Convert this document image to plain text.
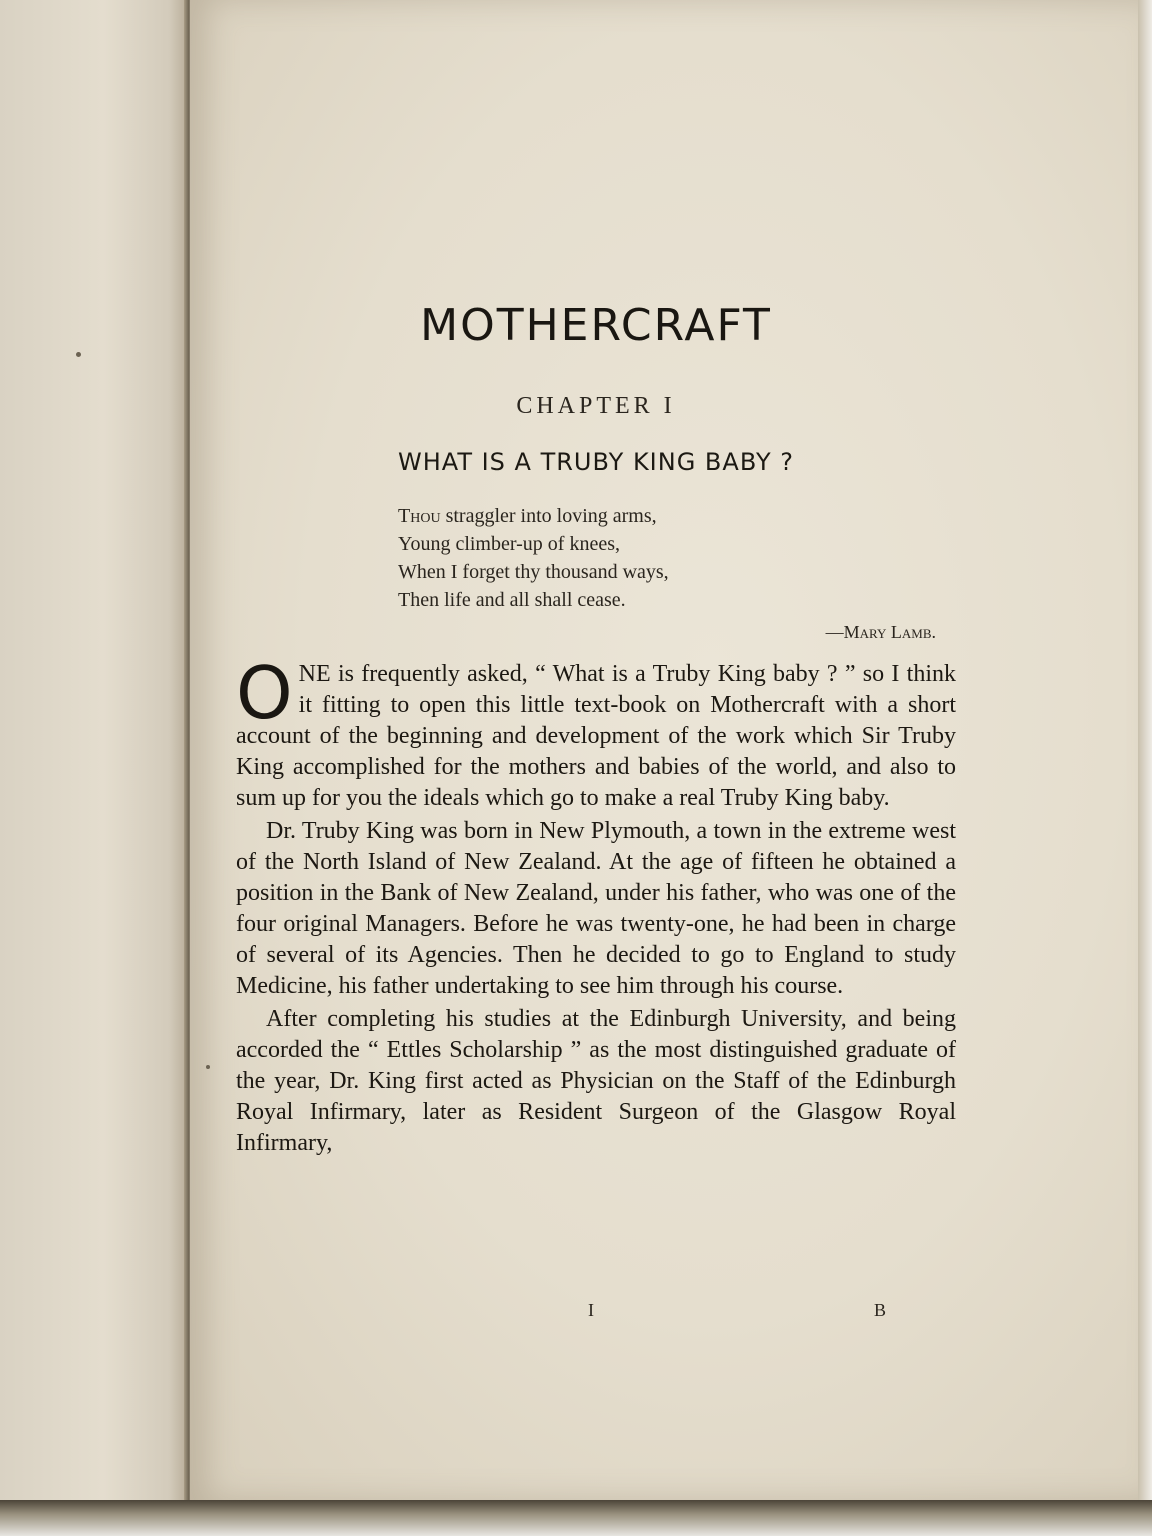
MOTHERCRAFT
CHAPTER I
WHAT IS A TRUBY KING BABY ?
Thou straggler into loving arms,
Young climber-up of knees,
When I forget thy thousand ways,
Then life and all shall cease.
—Mary Lamb.

ONE is frequently asked, “ What is a Truby King baby ? ” so I think it fitting to open this little text-book on Mothercraft with a short account of the beginning and development of the work which Sir Truby King accomplished for the mothers and babies of the world, and also to sum up for you the ideals which go to make a real Truby King baby.

Dr. Truby King was born in New Plymouth, a town in the extreme west of the North Island of New Zealand. At the age of fifteen he obtained a position in the Bank of New Zealand, under his father, who was one of the four original Managers. Before he was twenty-one, he had been in charge of several of its Agencies. Then he decided to go to England to study Medicine, his father undertaking to see him through his course.

After completing his studies at the Edinburgh University, and being accorded the “ Ettles Scholarship ” as the most distinguished graduate of the year, Dr. King first acted as Physician on the Staff of the Edinburgh Royal Infirmary, later as Resident Surgeon of the Glasgow Royal Infirmary,

I	B
